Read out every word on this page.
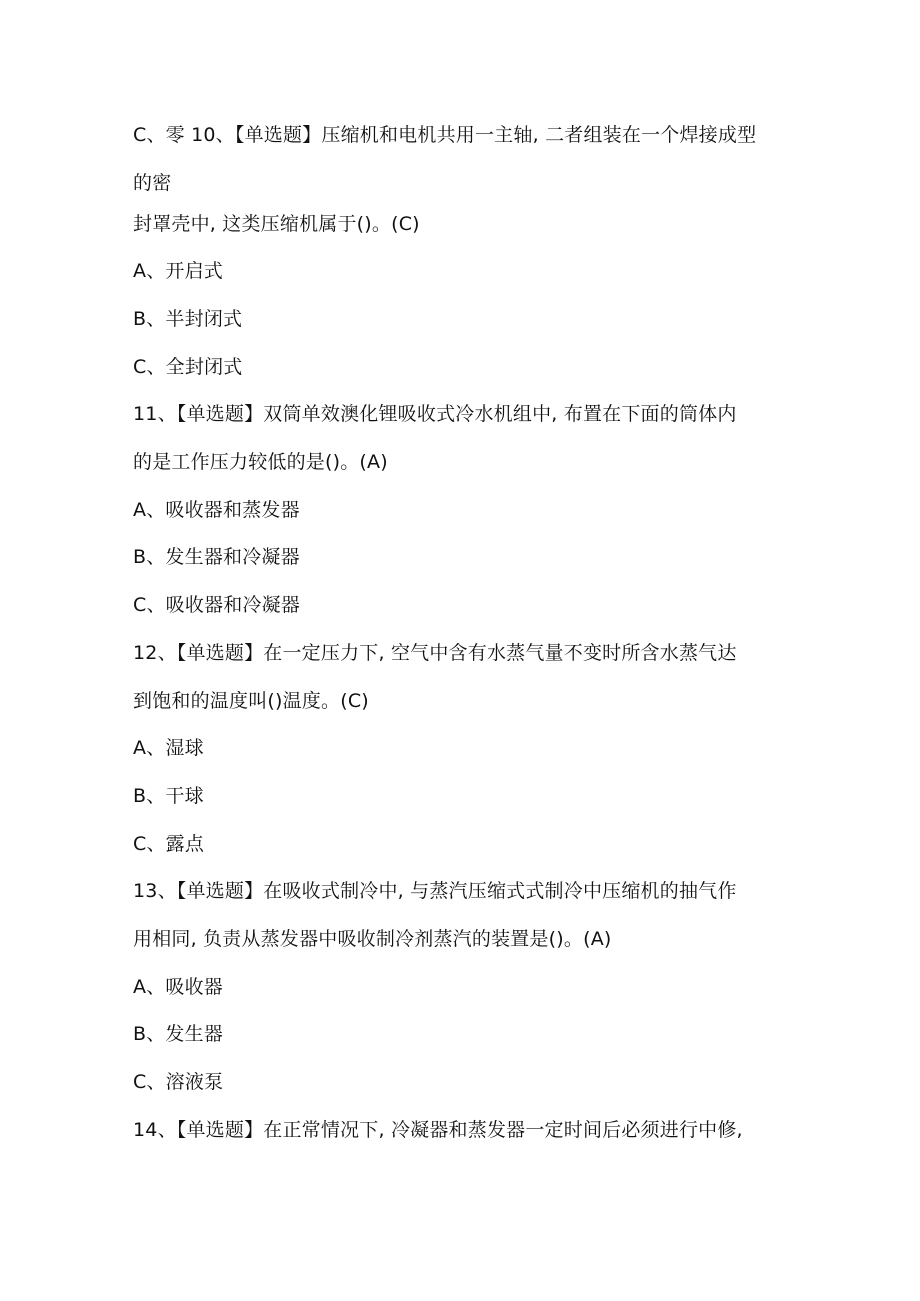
C、零 10、【单选题】压缩机和电机共用一主轴, 二者组装在一个焊接成型
的密
封罩壳中, 这类压缩机属于()。(C)
A、开启式
B、半封闭式
C、全封闭式
11、【单选题】双筒单效澳化锂吸收式冷水机组中, 布置在下面的筒体内
的是工作压力较低的是()。(A)
A、吸收器和蒸发器
B、发生器和冷凝器
C、吸收器和冷凝器
12、【单选题】在一定压力下, 空气中含有水蒸气量不变时所含水蒸气达
到饱和的温度叫()温度。(C)
A、湿球
B、干球
C、露点
13、【单选题】在吸收式制冷中, 与蒸汽压缩式式制冷中压缩机的抽气作
用相同, 负责从蒸发器中吸收制冷剂蒸汽的装置是()。(A)
A、吸收器
B、发生器
C、溶液泵
14、【单选题】在正常情况下, 冷凝器和蒸发器一定时间后必须进行中修,
